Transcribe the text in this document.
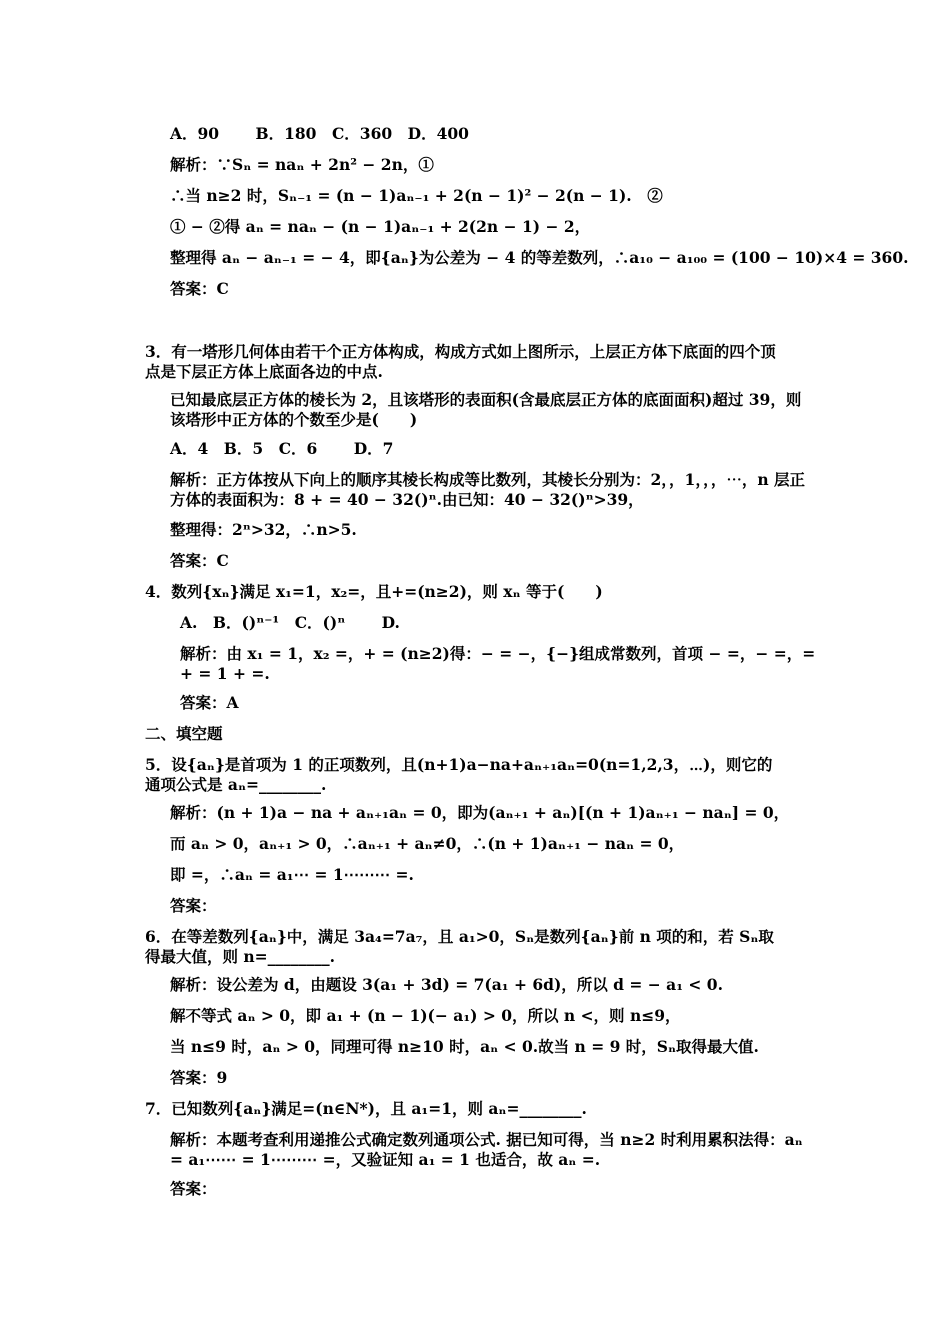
A．90　　 B．180　C．360　D．400
解析：∵Sₙ = naₙ + 2n² − 2n，①
∴当 n≥2 时，Sₙ₋₁ = (n − 1)aₙ₋₁ + 2(n − 1)² − 2(n − 1).　②
① − ②得 aₙ = naₙ − (n − 1)aₙ₋₁ + 2(2n − 1) − 2，
整理得 aₙ − aₙ₋₁ = − 4，即{aₙ}为公差为 − 4 的等差数列，∴a₁₀ − a₁₀₀ = (100 − 10)×4 = 360.
答案：C
3．有一塔形几何体由若干个正方体构成，构成方式如上图所示，上层正方体下底面的四个顶　　点是下层正方体上底面各边的中点.
已知最底层正方体的棱长为 2，且该塔形的表面积(含最底层正方体的底面面积)超过 39，则该塔形中正方体的个数至少是(　　)
A．4　B．5　C．6　　 D．7
解析：正方体按从下向上的顺序其棱长构成等比数列，其棱长分别为：2，，1，，，⋯，n 层正方体的表面积为：8 + = 40 − 32()ⁿ.由已知：40 − 32()ⁿ>39，
整理得：2ⁿ>32，∴n>5.
答案：C
4．数列{xₙ}满足 x₁=1，x₂=，且+=(n≥2)，则 xₙ 等于(　　)
A.　B．()ⁿ⁻¹　C．()ⁿ　　 D.
解析：由 x₁ = 1，x₂ =，+ = (n≥2)得：− = −，{−}组成常数列，首项 − =，− =，= + = 1 + =.
答案：A
二、填空题
5．设{aₙ}是首项为 1 的正项数列，且(n+1)a−na+aₙ₊₁aₙ=0(n=1,2,3，⋯)，则它的通项公式是 aₙ=________.
解析：(n + 1)a − na + aₙ₊₁aₙ = 0，即为(aₙ₊₁ + aₙ)[(n + 1)aₙ₊₁ − naₙ] = 0，
而 aₙ > 0，aₙ₊₁ > 0，∴aₙ₊₁ + aₙ≠0，∴(n + 1)aₙ₊₁ − naₙ = 0，
即 =，∴aₙ = a₁⋯ = 1⋯⋯⋯ =.
答案：
6．在等差数列{aₙ}中，满足 3a₄=7a₇，且 a₁>0，Sₙ是数列{aₙ}前 n 项的和，若 Sₙ取得最大值，则 n=________.
解析：设公差为 d，由题设 3(a₁ + 3d) = 7(a₁ + 6d)，所以 d = − a₁ < 0.
解不等式 aₙ > 0，即 a₁ + (n − 1)(− a₁) > 0，所以 n <，则 n≤9，
当 n≤9 时，aₙ > 0，同理可得 n≥10 时，aₙ < 0.故当 n = 9 时，Sₙ取得最大值.
答案：9
7．已知数列{aₙ}满足=(n∈N*)，且 a₁=1，则 aₙ=________.
解析：本题考查利用递推公式确定数列通项公式. 据已知可得，当 n≥2 时利用累积法得：aₙ = a₁⋯⋯ = 1⋯⋯⋯ =，又验证知 a₁ = 1 也适合，故 aₙ =.
答案：
